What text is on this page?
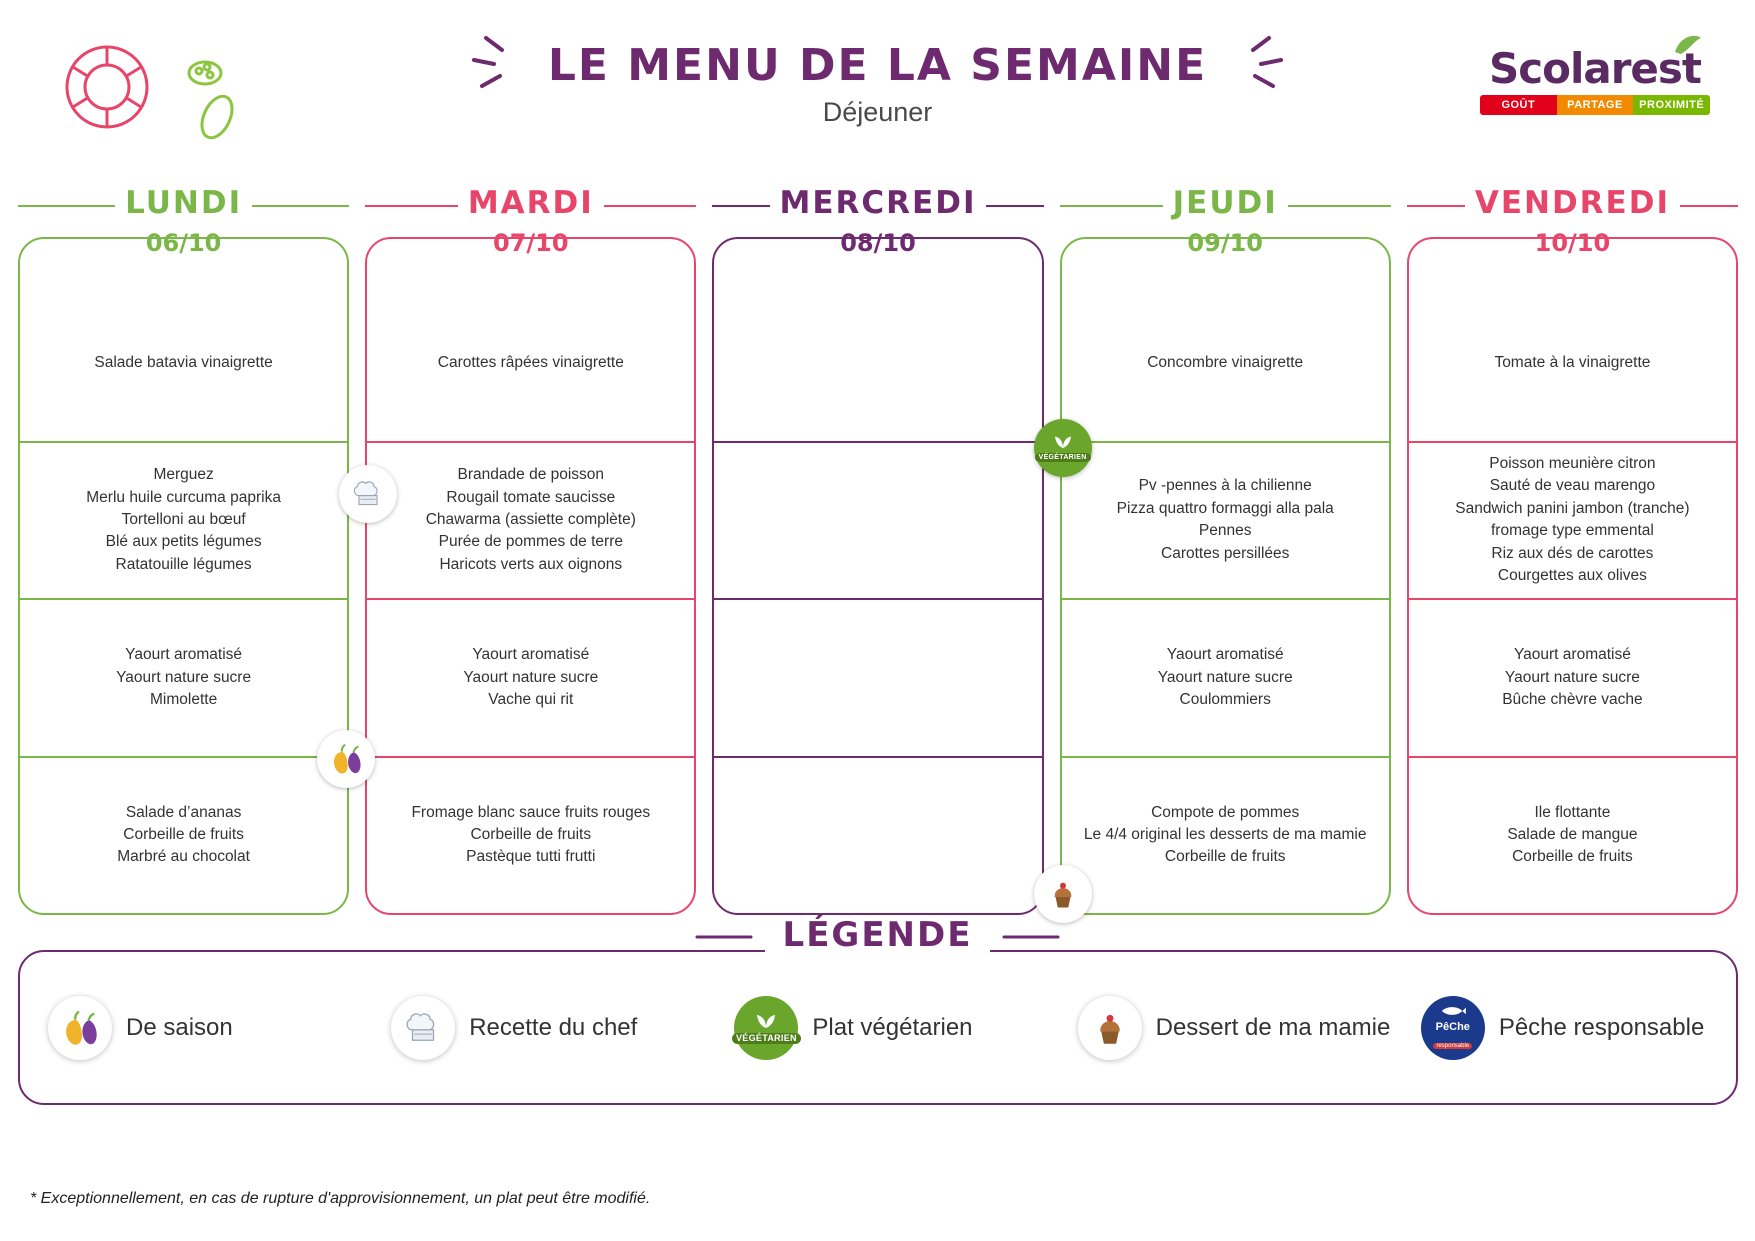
LE MENU DE LA SEMAINE
Déjeuner
Scolarest
GOÛT	PARTAGE	PROXIMITÉ
LUNDI
06/10

Salade batavia vinaigrette

Merguez

Merlu huile curcuma paprika

Tortelloni au bœuf

Blé aux petits légumes

Ratatouille légumes

Yaourt aromatisé

Yaourt nature sucre

Mimolette

Salade d’ananas

Corbeille de fruits

Marbré au chocolat

MARDI
07/10

Carottes râpées vinaigrette

Brandade de poisson

Rougail tomate saucisse

Chawarma (assiette complète)

Purée de pommes de terre

Haricots verts aux oignons

Yaourt aromatisé

Yaourt nature sucre

Vache qui rit

Fromage blanc sauce fruits rouges

Corbeille de fruits

Pastèque tutti frutti

MERCREDI
08/10
JEUDI
09/10

Concombre vinaigrette

VÉGÉTARIEN

Pv -pennes à la chilienne

Pizza quattro formaggi alla pala

Pennes

Carottes persillées

Yaourt aromatisé

Yaourt nature sucre

Coulommiers

Compote de pommes

Le 4/4 original les desserts de ma mamie

Corbeille de fruits

VENDREDI
10/10

Tomate à la vinaigrette

Poisson meunière citron

Sauté de veau marengo

Sandwich panini jambon (tranche)

fromage type emmental

Riz aux dés de carottes

Courgettes aux olives

Yaourt aromatisé

Yaourt nature sucre

Bûche chèvre vache

Ile flottante

Salade de mangue

Corbeille de fruits

LÉGENDE
De saison	Recette du chef	VÉGÉTARIEN Plat végétarien	Dessert de ma mamie	PêChe
responsable
Pêche responsable
* Exceptionnellement, en cas de rupture d'approvisionnement, un plat peut être modifié.
